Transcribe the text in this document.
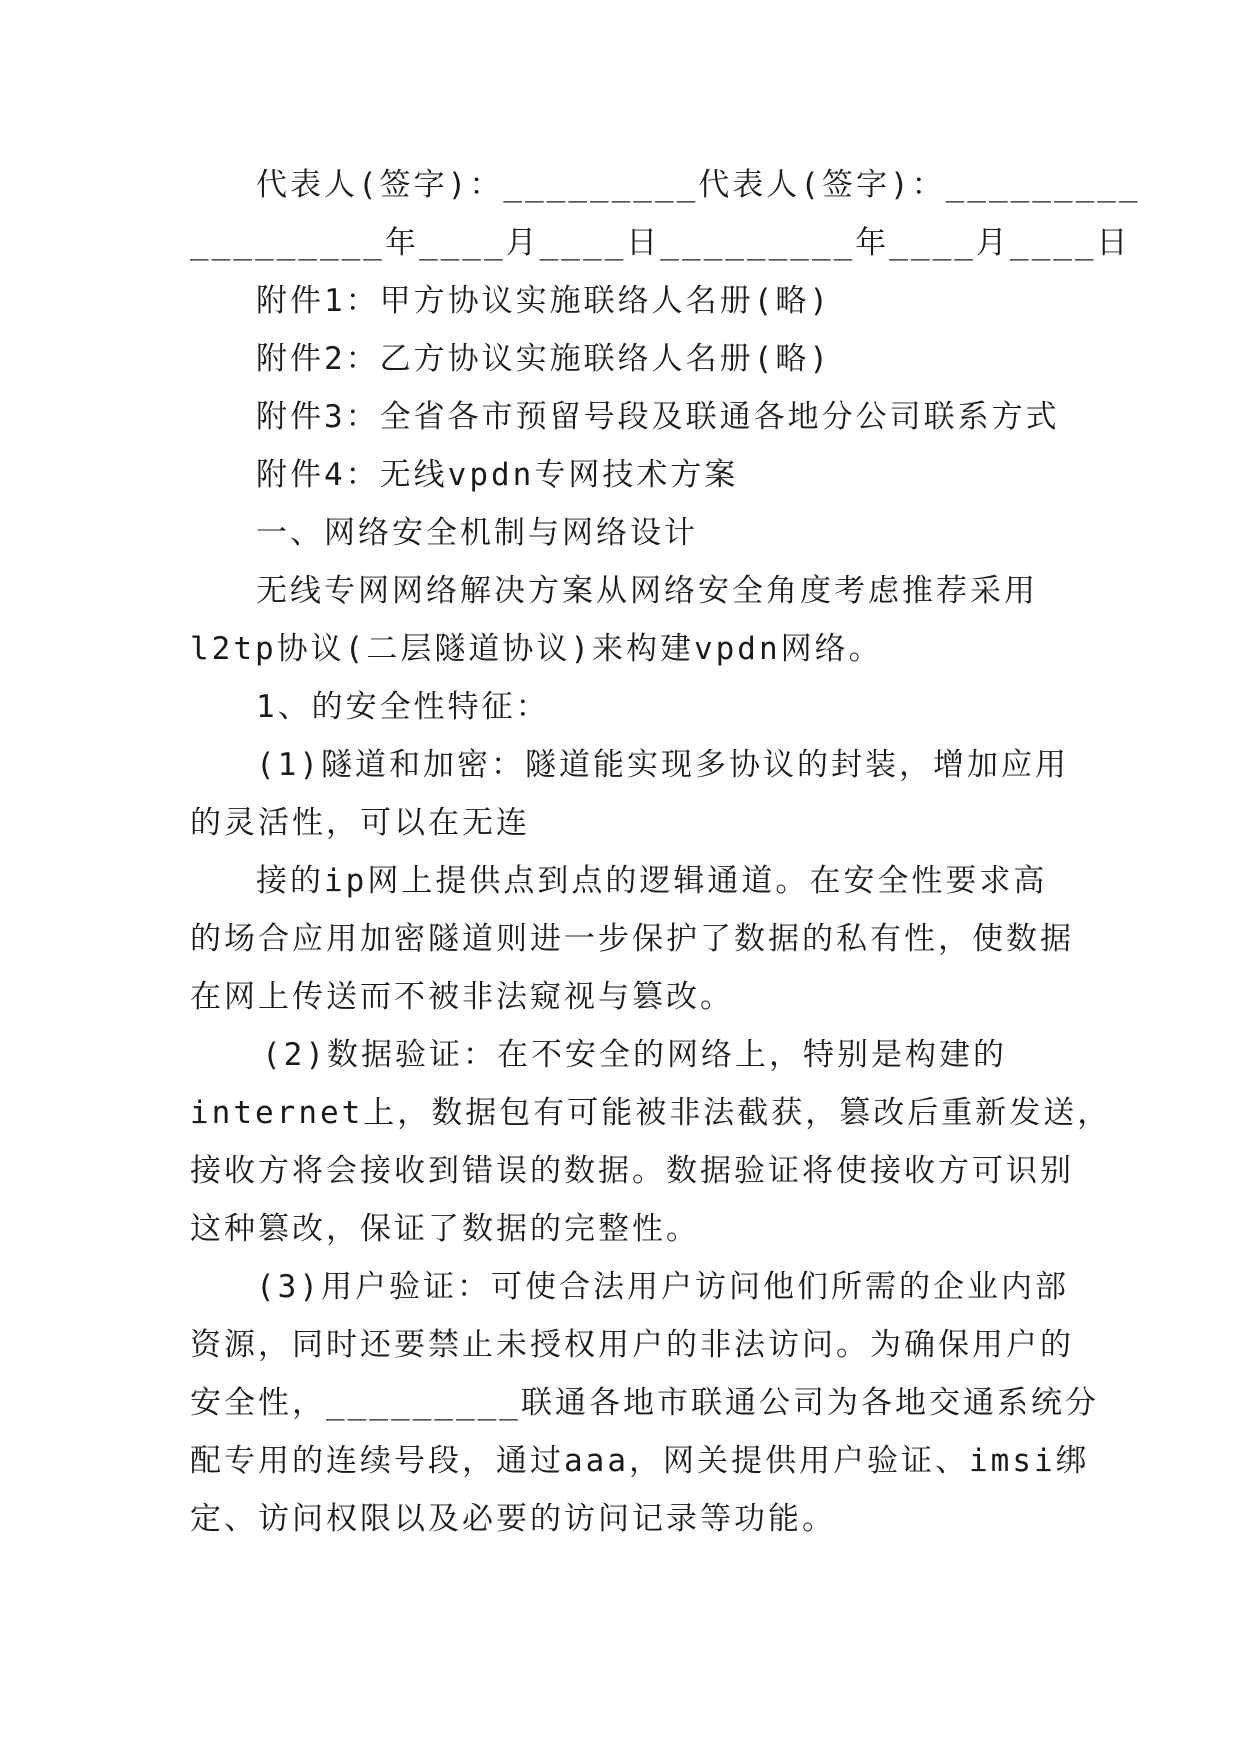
代表人(签字)：_________代表人(签字)：_________
_________年____月____日_________年____月____日
附件1：甲方协议实施联络人名册(略)
附件2：乙方协议实施联络人名册(略)
附件3：全省各市预留号段及联通各地分公司联系方式
附件4：无线vpdn专网技术方案
一、网络安全机制与网络设计
无线专网网络解决方案从网络安全角度考虑推荐采用
l2tp协议(二层隧道协议)来构建vpdn网络。
1、的安全性特征：
(1)隧道和加密：隧道能实现多协议的封装，增加应用
的灵活性，可以在无连
接的ip网上提供点到点的逻辑通道。在安全性要求高
的场合应用加密隧道则进一步保护了数据的私有性，使数据
在网上传送而不被非法窥视与篡改。
(2)数据验证：在不安全的网络上，特别是构建的
internet上，数据包有可能被非法截获，篡改后重新发送，
接收方将会接收到错误的数据。数据验证将使接收方可识别
这种篡改，保证了数据的完整性。
(3)用户验证：可使合法用户访问他们所需的企业内部
资源，同时还要禁止未授权用户的非法访问。为确保用户的
安全性，_________联通各地市联通公司为各地交通系统分
配专用的连续号段，通过aaa，网关提供用户验证、imsi绑
定、访问权限以及必要的访问记录等功能。
